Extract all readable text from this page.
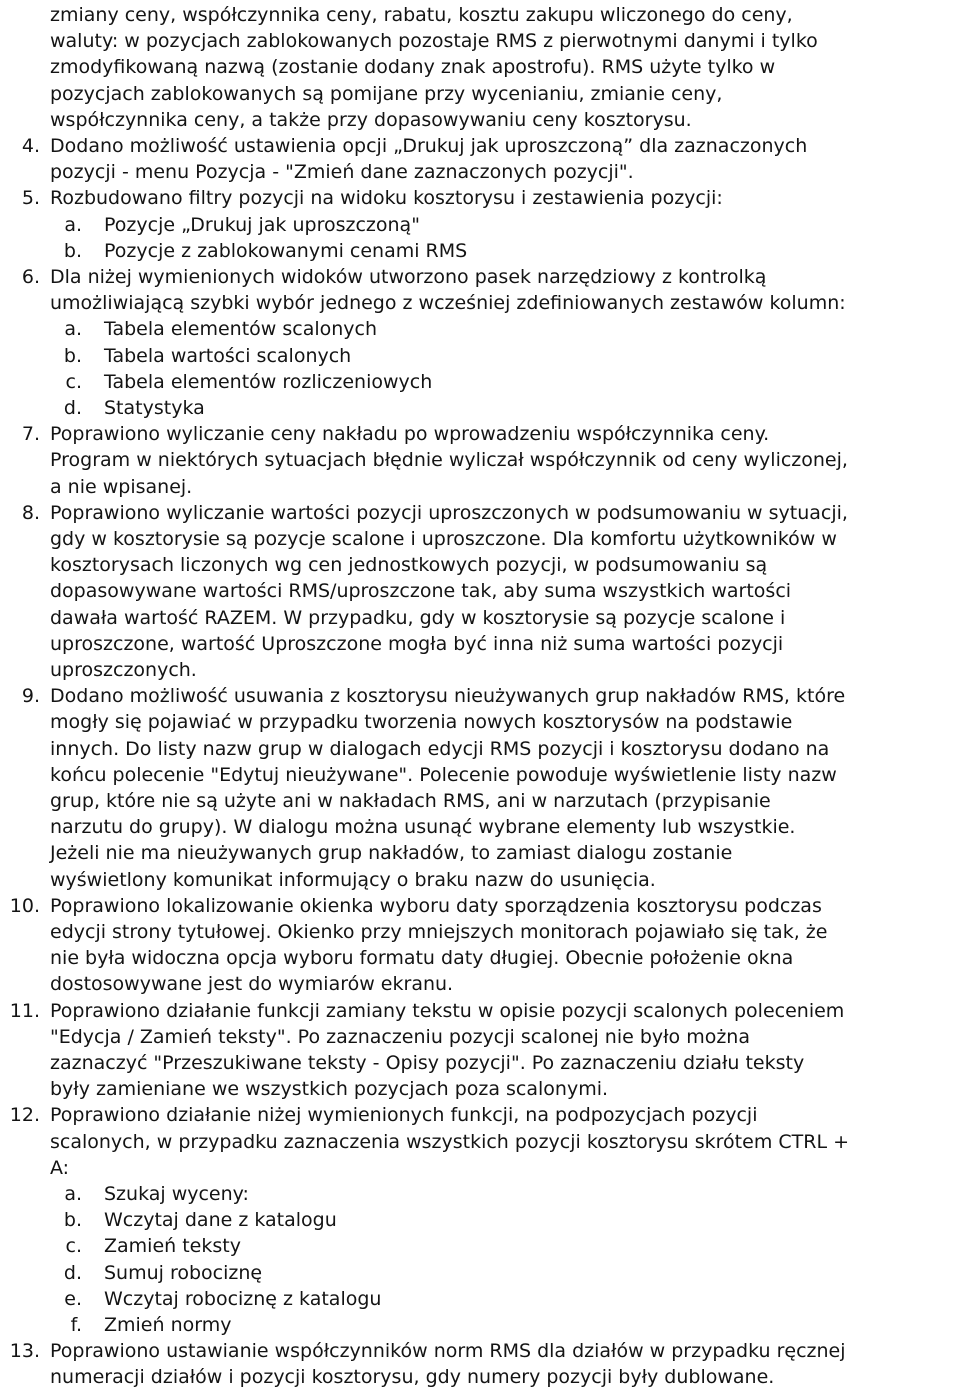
zmiany ceny, współczynnika ceny, rabatu, kosztu zakupu wliczonego do ceny,
waluty: w pozycjach zablokowanych pozostaje RMS z pierwotnymi danymi i tylko
zmodyfikowaną nazwą (zostanie dodany znak apostrofu). RMS użyte tylko w
pozycjach zablokowanych są pomijane przy wycenianiu, zmianie ceny,
współczynnika ceny, a także przy dopasowywaniu ceny kosztorysu.
4. Dodano możliwość ustawienia opcji „Drukuj jak uproszczoną” dla zaznaczonych
pozycji - menu Pozycja - "Zmień dane zaznaczonych pozycji".
5. Rozbudowano filtry pozycji na widoku kosztorysu i zestawienia pozycji:
a. Pozycje „Drukuj jak uproszczoną"
b. Pozycje z zablokowanymi cenami RMS
6. Dla niżej wymienionych widoków utworzono pasek narzędziowy z kontrolką
umożliwiającą szybki wybór jednego z wcześniej zdefiniowanych zestawów kolumn:
a. Tabela elementów scalonych
b. Tabela wartości scalonych
c. Tabela elementów rozliczeniowych
d. Statystyka
7. Poprawiono wyliczanie ceny nakładu po wprowadzeniu współczynnika ceny.
Program w niektórych sytuacjach błędnie wyliczał współczynnik od ceny wyliczonej,
a nie wpisanej.
8. Poprawiono wyliczanie wartości pozycji uproszczonych w podsumowaniu w sytuacji,
gdy w kosztorysie są pozycje scalone i uproszczone. Dla komfortu użytkowników w
kosztorysach liczonych wg cen jednostkowych pozycji, w podsumowaniu są
dopasowywane wartości RMS/uproszczone tak, aby suma wszystkich wartości
dawała wartość RAZEM. W przypadku, gdy w kosztorysie są pozycje scalone i
uproszczone, wartość Uproszczone mogła być inna niż suma wartości pozycji
uproszczonych.
9. Dodano możliwość usuwania z kosztorysu nieużywanych grup nakładów RMS, które
mogły się pojawiać w przypadku tworzenia nowych kosztorysów na podstawie
innych. Do listy nazw grup w dialogach edycji RMS pozycji i kosztorysu dodano na
końcu polecenie "Edytuj nieużywane". Polecenie powoduje wyświetlenie listy nazw
grup, które nie są użyte ani w nakładach RMS, ani w narzutach (przypisanie
narzutu do grupy). W dialogu można usunąć wybrane elementy lub wszystkie.
Jeżeli nie ma nieużywanych grup nakładów, to zamiast dialogu zostanie
wyświetlony komunikat informujący o braku nazw do usunięcia.
10. Poprawiono lokalizowanie okienka wyboru daty sporządzenia kosztorysu podczas
edycji strony tytułowej. Okienko przy mniejszych monitorach pojawiało się tak, że
nie była widoczna opcja wyboru formatu daty długiej. Obecnie położenie okna
dostosowywane jest do wymiarów ekranu.
11. Poprawiono działanie funkcji zamiany tekstu w opisie pozycji scalonych poleceniem
"Edycja / Zamień teksty". Po zaznaczeniu pozycji scalonej nie było można
zaznaczyć "Przeszukiwane teksty - Opisy pozycji". Po zaznaczeniu działu teksty
były zamieniane we wszystkich pozycjach poza scalonymi.
12. Poprawiono działanie niżej wymienionych funkcji, na podpozycjach pozycji
scalonych, w przypadku zaznaczenia wszystkich pozycji kosztorysu skrótem CTRL +
A:
a. Szukaj wyceny:
b. Wczytaj dane z katalogu
c. Zamień teksty
d. Sumuj robociznę
e. Wczytaj robociznę z katalogu
f. Zmień normy
13. Poprawiono ustawianie współczynników norm RMS dla działów w przypadku ręcznej
numeracji działów i pozycji kosztorysu, gdy numery pozycji były dublowane.
